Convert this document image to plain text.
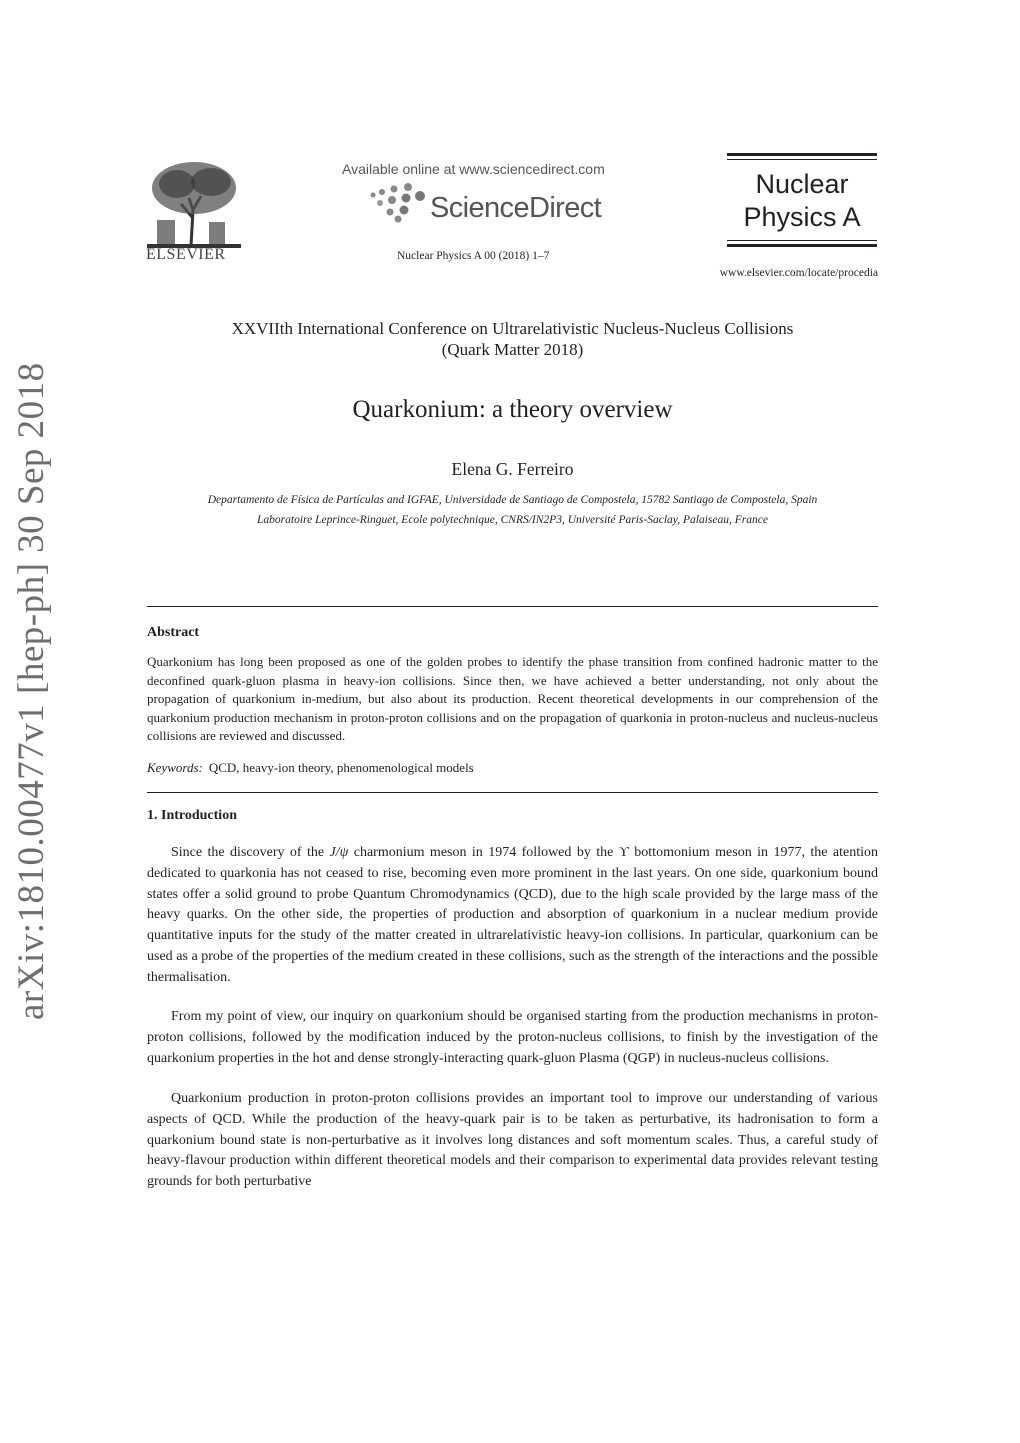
arXiv:1810.00477v1 [hep-ph] 30 Sep 2018
ELSEVIER
Available online at www.sciencedirect.com
ScienceDirect
Nuclear Physics A 00 (2018) 1–7
Nuclear
Physics A
www.elsevier.com/locate/procedia
XXVIIth International Conference on Ultrarelativistic Nucleus-Nucleus Collisions
(Quark Matter 2018)
Quarkonium: a theory overview
Elena G. Ferreiro
Departamento de Física de Partículas and IGFAE, Universidade de Santiago de Compostela, 15782 Santiago de Compostela, Spain
Laboratoire Leprince-Ringuet, Ecole polytechnique, CNRS/IN2P3, Université Paris-Saclay, Palaiseau, France
Abstract
Quarkonium has long been proposed as one of the golden probes to identify the phase transition from confined hadronic matter to the deconfined quark-gluon plasma in heavy-ion collisions. Since then, we have achieved a better understanding, not only about the propagation of quarkonium in-medium, but also about its production. Recent theoretical developments in our comprehension of the quarkonium production mechanism in proton-proton collisions and on the propagation of quarkonia in proton-nucleus and nucleus-nucleus collisions are reviewed and discussed.
Keywords: QCD, heavy-ion theory, phenomenological models
1. Introduction
Since the discovery of the J/ψ charmonium meson in 1974 followed by the ϒ bottomonium meson in 1977, the atention dedicated to quarkonia has not ceased to rise, becoming even more prominent in the last years. On one side, quarkonium bound states offer a solid ground to probe Quantum Chromodynamics (QCD), due to the high scale provided by the large mass of the heavy quarks. On the other side, the properties of production and absorption of quarkonium in a nuclear medium provide quantitative inputs for the study of the matter created in ultrarelativistic heavy-ion collisions. In particular, quarkonium can be used as a probe of the properties of the medium created in these collisions, such as the strength of the interactions and the possible thermalisation.
From my point of view, our inquiry on quarkonium should be organised starting from the production mechanisms in proton-proton collisions, followed by the modification induced by the proton-nucleus collisions, to finish by the investigation of the quarkonium properties in the hot and dense strongly-interacting quark-gluon Plasma (QGP) in nucleus-nucleus collisions.
Quarkonium production in proton-proton collisions provides an important tool to improve our understanding of various aspects of QCD. While the production of the heavy-quark pair is to be taken as perturbative, its hadronisation to form a quarkonium bound state is non-perturbative as it involves long distances and soft momentum scales. Thus, a careful study of heavy-flavour production within different theoretical models and their comparison to experimental data provides relevant testing grounds for both perturbative
